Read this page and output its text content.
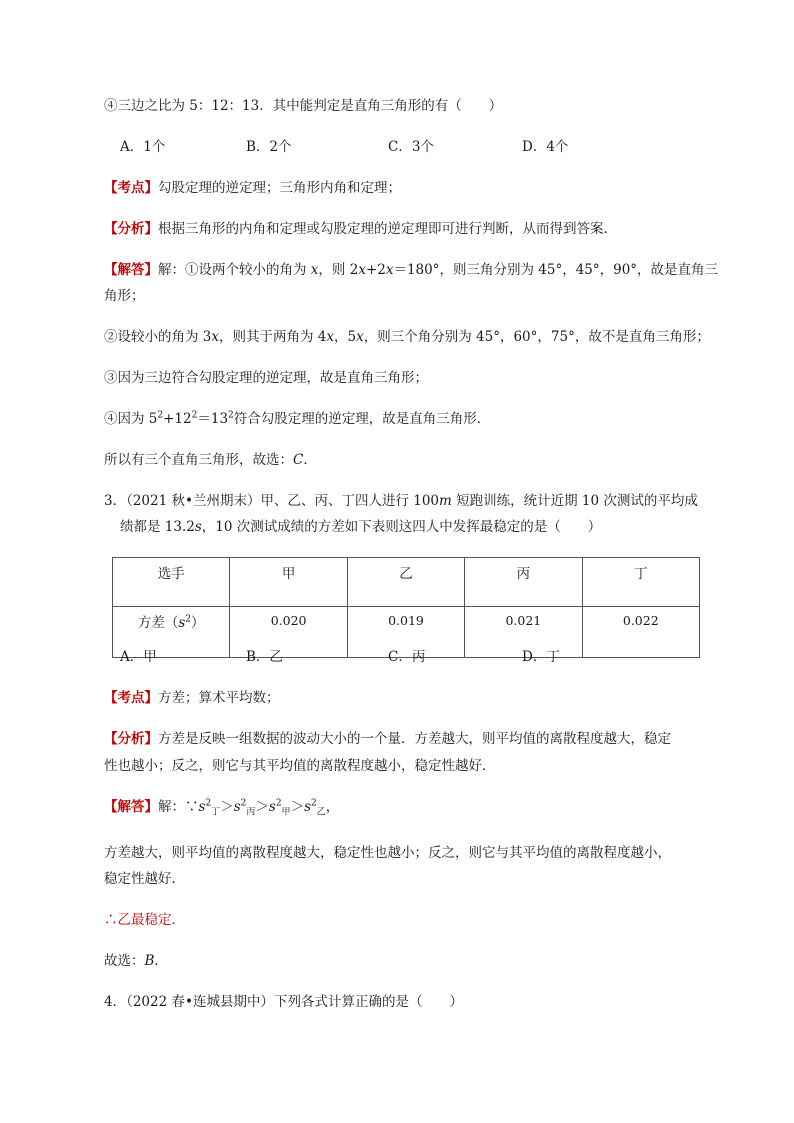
④三边之比为 5：12：13．其中能判定是直角三角形的有（　　）
A．1个	B．2个	C．3个	D．4个
【考点】勾股定理的逆定理；三角形内角和定理；
【分析】根据三角形的内角和定理或勾股定理的逆定理即可进行判断，从而得到答案．
【解答】解：①设两个较小的角为 x，则 2x+2x＝180°，则三角分别为 45°，45°，90°，故是直角三
角形；
②设较小的角为 3x，则其于两角为 4x，5x，则三个角分别为 45°，60°，75°，故不是直角三角形；
③因为三边符合勾股定理的逆定理，故是直角三角形；
④因为 $5^2+12^2=13^2$符合勾股定理的逆定理，故是直角三角形．
所以有三个直角三角形，故选：C．
3．（2021 秋•兰州期末）甲、乙、丙、丁四人进行 100m 短跑训练，统计近期 10 次测试的平均成
绩都是 13.2s，10 次测试成绩的方差如下表则这四人中发挥最稳定的是（　　）
选手	甲	乙	丙	丁
方差$(s^2)$	0.020	0.019	0.021	0.022
A．甲	B．乙	C．丙	D．丁
【考点】方差；算术平均数；
【分析】方差是反映一组数据的波动大小的一个量．方差越大，则平均值的离散程度越大，稳定
性也越小；反之，则它与其平均值的离散程度越小，稳定性越好．
【解答】解：$\because s^2_丁>s^2_丙>s^2_甲>s^2_乙$，
方差越大，则平均值的离散程度越大，稳定性也越小；反之，则它与其平均值的离散程度越小，
稳定性越好．
∴乙最稳定．
故选：B．
4．（2022 春•连城县期中）下列各式计算正确的是（　　）
